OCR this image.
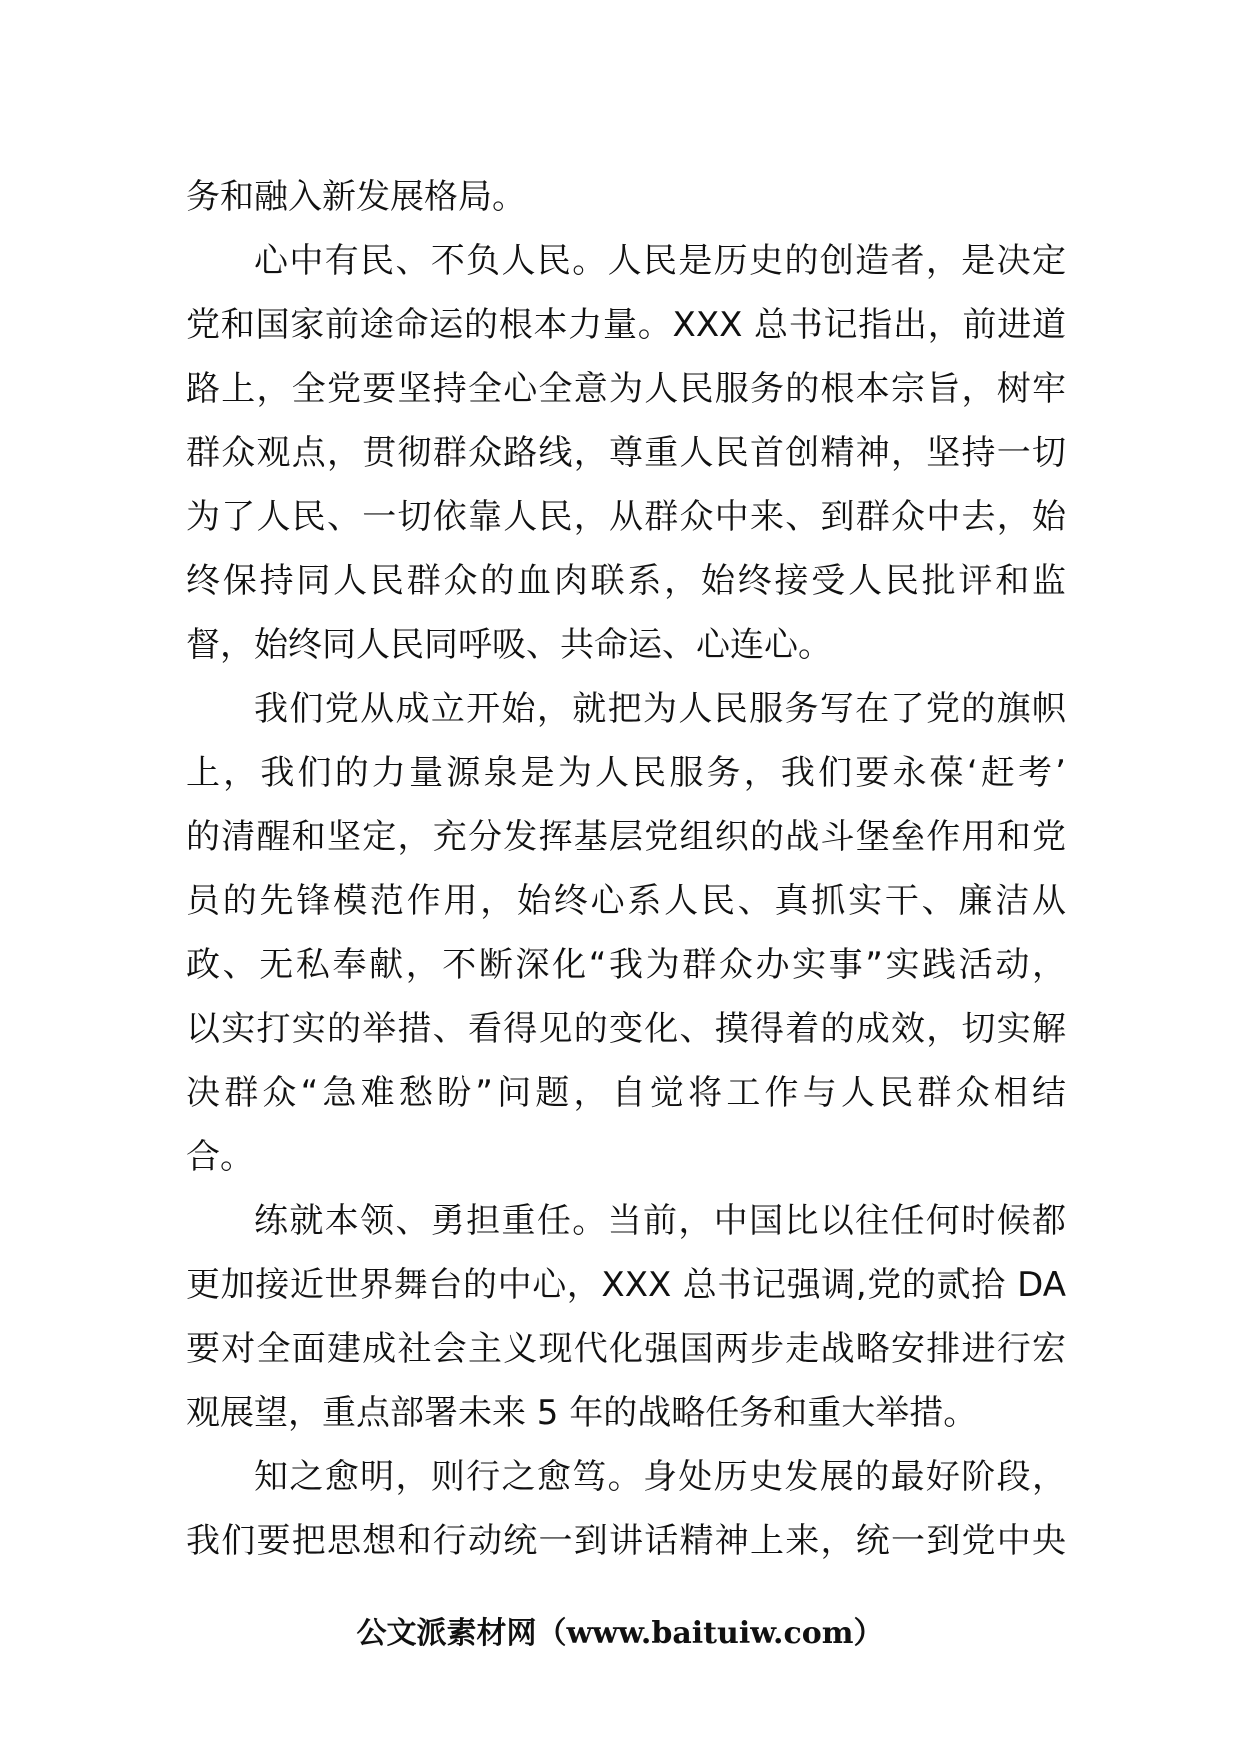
务和融入新发展格局。
心中有民、不负人民。人民是历史的创造者，是决定
党和国家前途命运的根本力量。XXX 总书记指出，前进道
路上，全党要坚持全心全意为人民服务的根本宗旨，树牢
群众观点，贯彻群众路线，尊重人民首创精神，坚持一切
为了人民、一切依靠人民，从群众中来、到群众中去，始
终保持同人民群众的血肉联系，始终接受人民批评和监
督，始终同人民同呼吸、共命运、心连心。
我们党从成立开始，就把为人民服务写在了党的旗帜
上，我们的力量源泉是为人民服务，我们要永葆‘赶考’
的清醒和坚定，充分发挥基层党组织的战斗堡垒作用和党
员的先锋模范作用，始终心系人民、真抓实干、廉洁从
政、无私奉献，不断深化“我为群众办实事”实践活动，
以实打实的举措、看得见的变化、摸得着的成效，切实解
决群众“急难愁盼”问题，自觉将工作与人民群众相结
合。
练就本领、勇担重任。当前，中国比以往任何时候都
更加接近世界舞台的中心，XXX 总书记强调,党的贰拾 DA
要对全面建成社会主义现代化强国两步走战略安排进行宏
观展望，重点部署未来 5 年的战略任务和重大举措。
知之愈明，则行之愈笃。身处历史发展的最好阶段，
我们要把思想和行动统一到讲话精神上来，统一到党中央
公文派素材网（www.baituiw.com）
